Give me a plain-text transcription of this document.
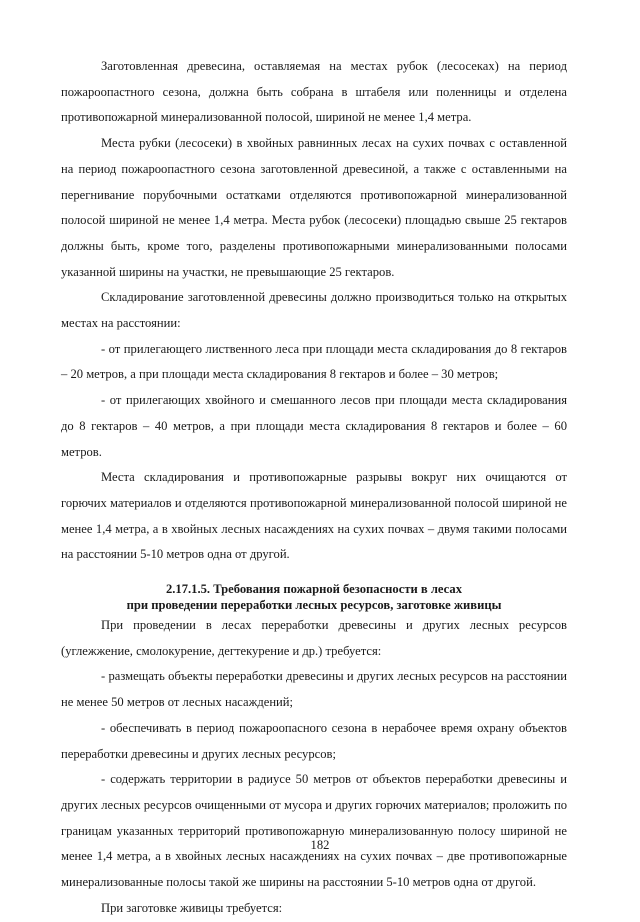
Заготовленная древесина, оставляемая на местах рубок (лесосеках) на период пожароопастного сезона, должна быть собрана в штабеля или поленницы и отделена противопожарной минерализованной полосой, шириной не менее 1,4 метра.

Места рубки (лесосеки) в хвойных равнинных лесах на сухих почвах с оставленной на период пожароопастного сезона заготовленной древесиной, а также с оставленными на перегнивание порубочными остатками отделяются противопожарной минерализованной полосой шириной не менее 1,4 метра. Места рубок (лесосеки) площадью свыше 25 гектаров должны быть, кроме того, разделены противопожарными минерализованными полосами указанной ширины на участки, не превышающие 25 гектаров.

Складирование заготовленной древесины должно производиться только на открытых местах на расстоянии:

- от прилегающего лиственного леса при площади места складирования до 8 гектаров – 20 метров, а при площади места складирования 8 гектаров и более – 30 метров;

- от прилегающих хвойного и смешанного лесов при площади места складирования до 8 гектаров – 40 метров, а при площади места складирования 8 гектаров и более – 60 метров.

Места складирования и противопожарные разрывы вокруг них очищаются от горючих материалов и отделяются противопожарной минерализованной полосой шириной не менее 1,4 метра, а в хвойных лесных насаждениях на сухих почвах – двумя такими полосами на расстоянии 5-10 метров одна от другой.

2.17.1.5. Требования пожарной безопасности в лесах
при проведении переработки лесных ресурсов, заготовке живицы

При проведении в лесах переработки древесины и других лесных ресурсов (углежжение, смолокурение, дегтекурение и др.) требуется:

- размещать объекты переработки древесины и других лесных ресурсов на расстоянии не менее 50 метров от лесных насаждений;

- обеспечивать в период пожароопасного сезона в нерабочее время охрану объектов переработки древесины и других лесных ресурсов;

- содержать территории в радиусе 50 метров от объектов переработки древесины и других лесных ресурсов очищенными от мусора и других горючих материалов; проложить по границам указанных территорий противопожарную минерализованную полосу шириной не менее 1,4 метра, а в хвойных лесных насаждениях на сухих почвах – две противопожарные минерализованные полосы такой же ширины на расстоянии 5-10 метров одна от другой.

При заготовке живицы требуется:

182
